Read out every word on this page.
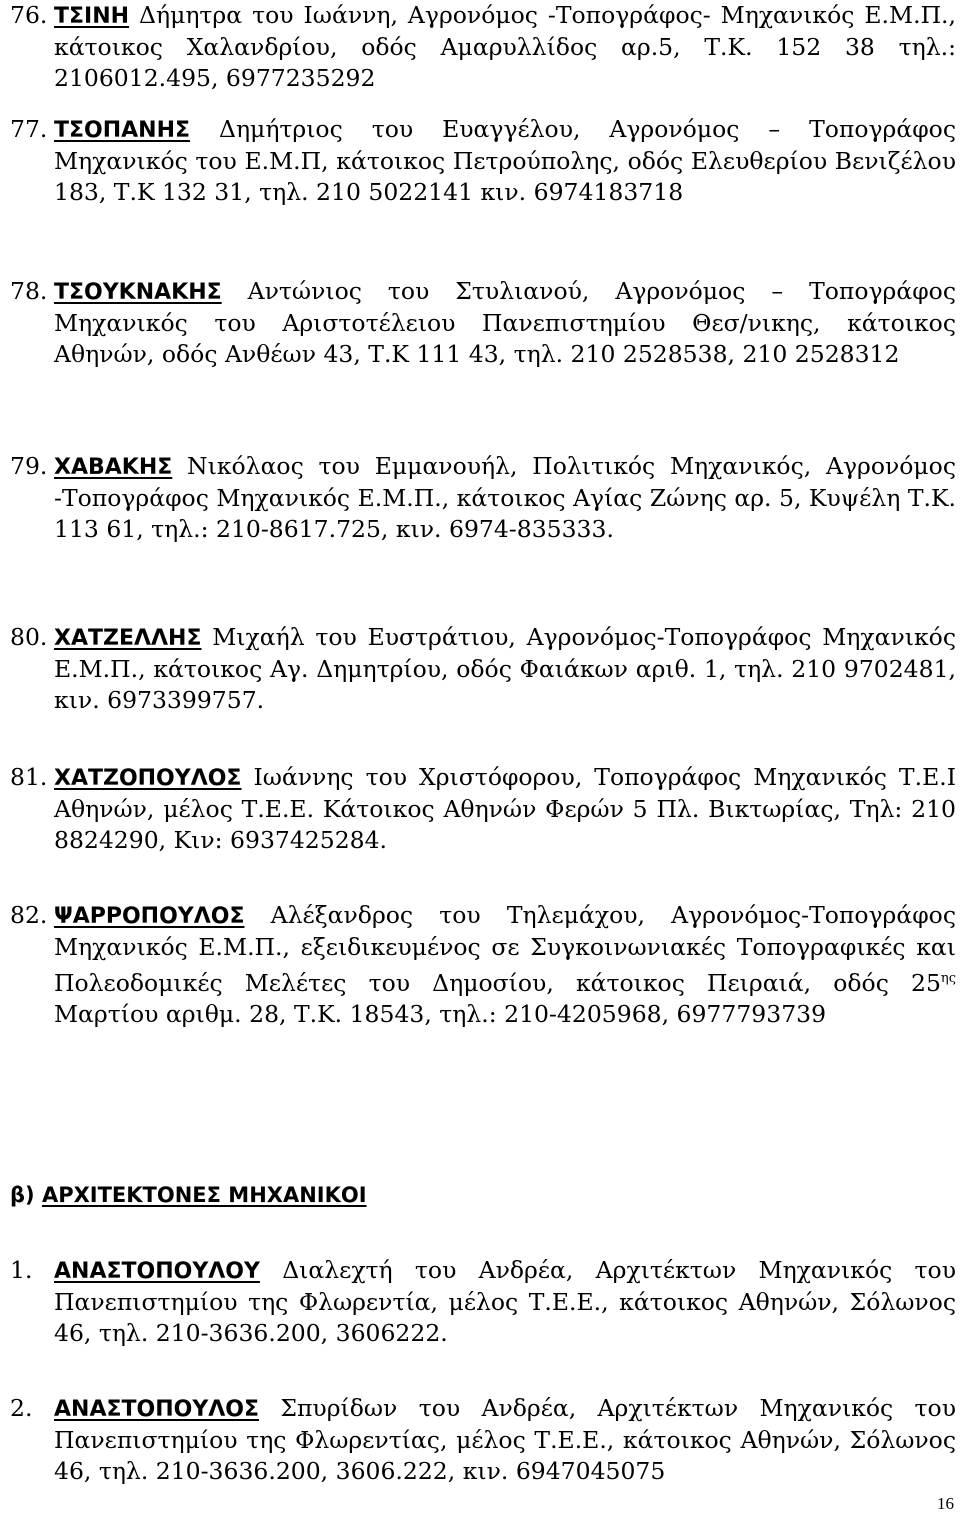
76. ΤΣΙΝΗ Δήμητρα του Ιωάννη, Αγρονόμος -Τοπογράφος- Μηχανικός Ε.Μ.Π., κάτοικος Χαλανδρίου, οδός Αμαρυλλίδος αρ.5, Τ.Κ. 152 38 τηλ.: 2106012.495, 6977235292
77. ΤΣΟΠΑΝΗΣ Δημήτριος του Ευαγγέλου, Αγρονόμος – Τοπογράφος Μηχανικός του Ε.Μ.Π, κάτοικος Πετρούπολης, οδός Ελευθερίου Βενιζέλου 183, Τ.Κ 132 31, τηλ. 210 5022141 κιν. 6974183718
78. ΤΣΟΥΚΝΑΚΗΣ Αντώνιος του Στυλιανού, Αγρονόμος – Τοπογράφος Μηχανικός του Αριστοτέλειου Πανεπιστημίου Θεσ/νικης, κάτοικος Αθηνών, οδός Ανθέων 43, Τ.Κ 111 43, τηλ. 210 2528538, 210 2528312
79. ΧΑΒΑΚΗΣ Νικόλαος του Εμμανουήλ, Πολιτικός Μηχανικός, Αγρονόμος -Τοπογράφος Μηχανικός Ε.Μ.Π., κάτοικος Αγίας Ζώνης αρ. 5, Κυψέλη Τ.Κ. 113 61, τηλ.: 210-8617.725, κιν. 6974-835333.
80. ΧΑΤΖΕΛΛΗΣ Μιχαήλ του Ευστράτιου, Αγρονόμος-Τοπογράφος Μηχανικός Ε.Μ.Π., κάτοικος Αγ. Δημητρίου, οδός Φαιάκων αριθ. 1, τηλ. 210 9702481, κιν. 6973399757.
81. ΧΑΤΖΟΠΟΥΛΟΣ Ιωάννης του Χριστόφορου, Τοπογράφος Μηχανικός Τ.Ε.Ι Αθηνών, μέλος Τ.Ε.Ε. Κάτοικος Αθηνών Φερών 5 Πλ. Βικτωρίας, Τηλ: 210 8824290, Κιν: 6937425284.
82. ΨΑΡΡΟΠΟΥΛΟΣ Αλέξανδρος του Τηλεμάχου, Αγρονόμος-Τοπογράφος Μηχανικός Ε.Μ.Π., εξειδικευμένος σε Συγκοινωνιακές Τοπογραφικές και Πολεοδομικές Μελέτες του Δημοσίου, κάτοικος Πειραιά, οδός $25^{\eta\varsigma}$ Μαρτίου αριθμ. 28, Τ.Κ. 18543, τηλ.: 210-4205968, 6977793739
β) ΑΡΧΙΤΕΚΤΟΝΕΣ ΜΗΧΑΝΙΚΟΙ
1. ΑΝΑΣΤΟΠΟΥΛΟΥ Διαλεχτή του Ανδρέα, Αρχιτέκτων Μηχανικός του Πανεπιστημίου της Φλωρεντία, μέλος Τ.Ε.Ε., κάτοικος Αθηνών, Σόλωνος 46, τηλ. 210-3636.200, 3606222.
2. ΑΝΑΣΤΟΠΟΥΛΟΣ Σπυρίδων του Ανδρέα, Αρχιτέκτων Μηχανικός του Πανεπιστημίου της Φλωρεντίας, μέλος Τ.Ε.Ε., κάτοικος Αθηνών, Σόλωνος 46, τηλ. 210-3636.200, 3606.222, κιν. 6947045075
16
